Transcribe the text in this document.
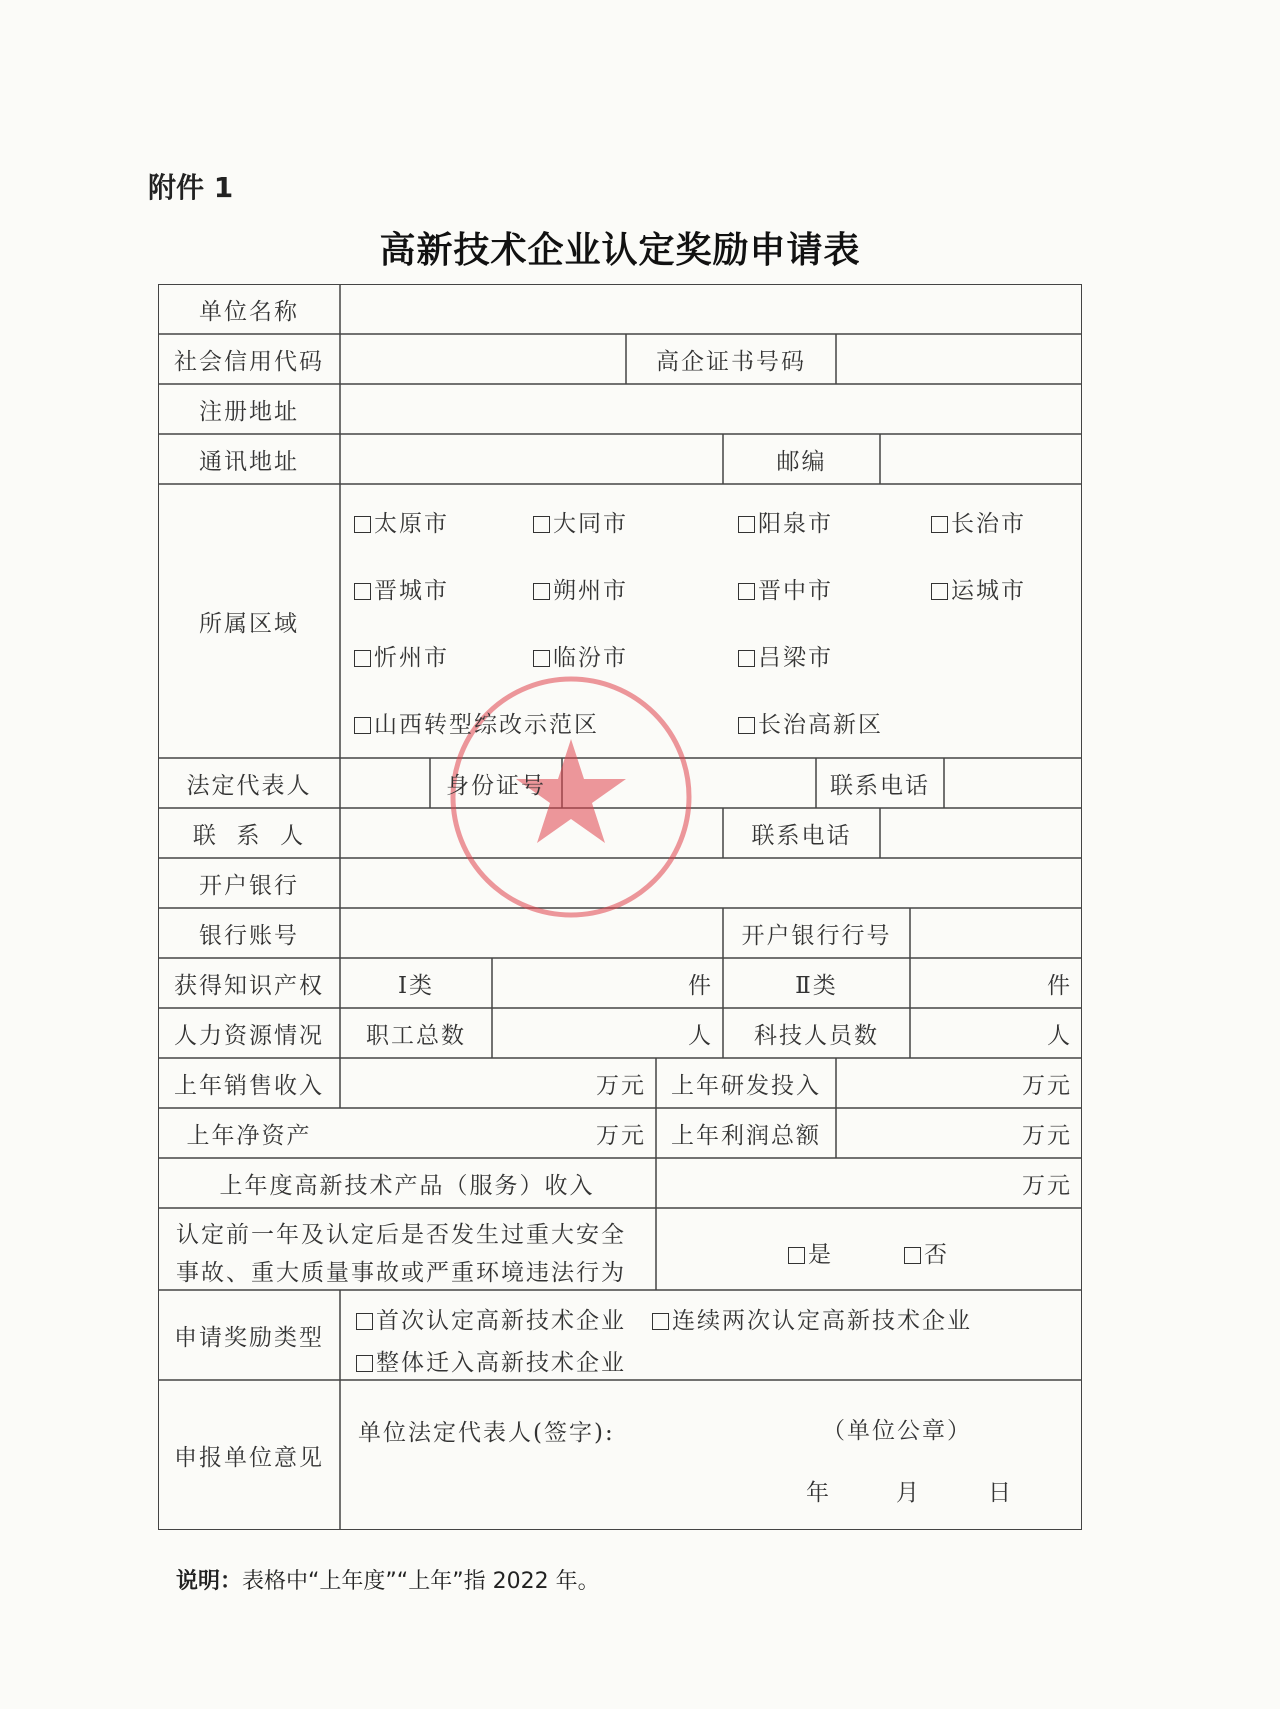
附件 1
高新技术企业认定奖励申请表
单位名称
社会信用代码	高企证书号码
注册地址
通讯地址	邮编
所属区域
太原市	大同市	阳泉市	长治市
晋城市	朔州市	晋中市	运城市
忻州市	临汾市	吕梁市
山西转型综改示范区	长治高新区
法定代表人	身份证号	联系电话
联  系  人	联系电话
开户银行
银行账号	开户银行行号
获得知识产权	Ⅰ类	件	Ⅱ类	件
人力资源情况	职工总数	人	科技人员数	人
上年销售收入	万元	上年研发投入	万元
上年净资产	万元	上年利润总额	万元
上年度高新技术产品（服务）收入	万元
认定前一年及认定后是否发生过重大安全
事故、重大质量事故或严重环境违法行为
是	否
申请奖励类型
首次认定高新技术企业	连续两次认定高新技术企业
整体迁入高新技术企业
申报单位意见
单位法定代表人(签字):	（单位公章）
年	月	日
说明：表格中“上年度”“上年”指 2022 年。
